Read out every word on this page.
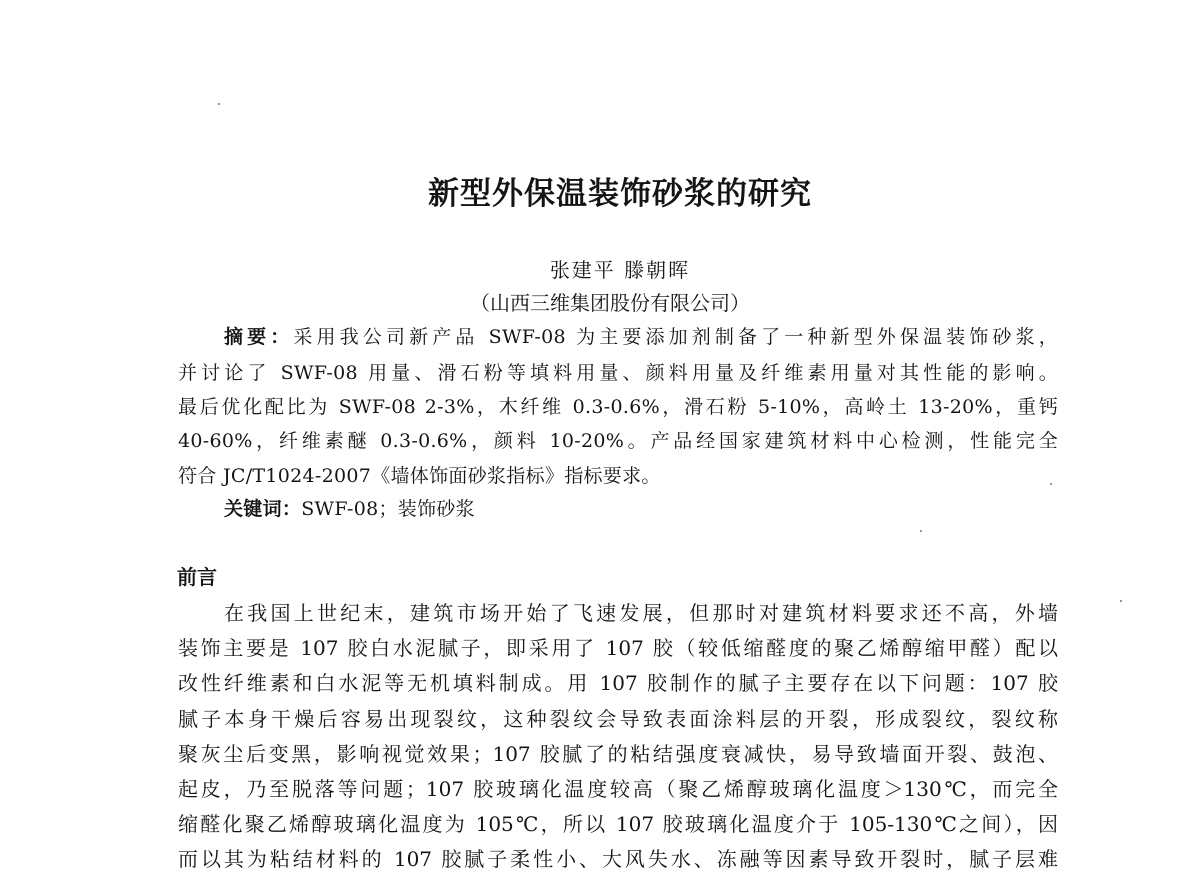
新型外保温装饰砂浆的研究
张建平 滕朝晖
（山西三维集团股份有限公司）
摘要：采用我公司新产品 SWF-08 为主要添加剂制备了一种新型外保温装饰砂浆，
并讨论了 SWF-08 用量、滑石粉等填料用量、颜料用量及纤维素用量对其性能的影响。
最后优化配比为 SWF-08 2-3%，木纤维 0.3-0.6%，滑石粉 5-10%，高岭土 13-20%，重钙
40-60%，纤维素醚 0.3-0.6%，颜料 10-20%。产品经国家建筑材料中心检测，性能完全
符合 JC/T1024-2007《墙体饰面砂浆指标》指标要求。
关键词：SWF-08；装饰砂浆
前言
在我国上世纪末，建筑市场开始了飞速发展，但那时对建筑材料要求还不高，外墙
装饰主要是 107 胶白水泥腻子，即采用了 107 胶（较低缩醛度的聚乙烯醇缩甲醛）配以
改性纤维素和白水泥等无机填料制成。用 107 胶制作的腻子主要存在以下问题：107 胶
腻子本身干燥后容易出现裂纹，这种裂纹会导致表面涂料层的开裂，形成裂纹，裂纹称
聚灰尘后变黑，影响视觉效果；107 胶腻了的粘结强度衰减快，易导致墙面开裂、鼓泡、
起皮，乃至脱落等问题；107 胶玻璃化温度较高（聚乙烯醇玻璃化温度＞130℃，而完全
缩醛化聚乙烯醇玻璃化温度为 105℃，所以 107 胶玻璃化温度介于 105-130℃之间），因
而以其为粘结材料的 107 胶腻子柔性小、大风失水、冻融等因素导致开裂时，腻子层难
